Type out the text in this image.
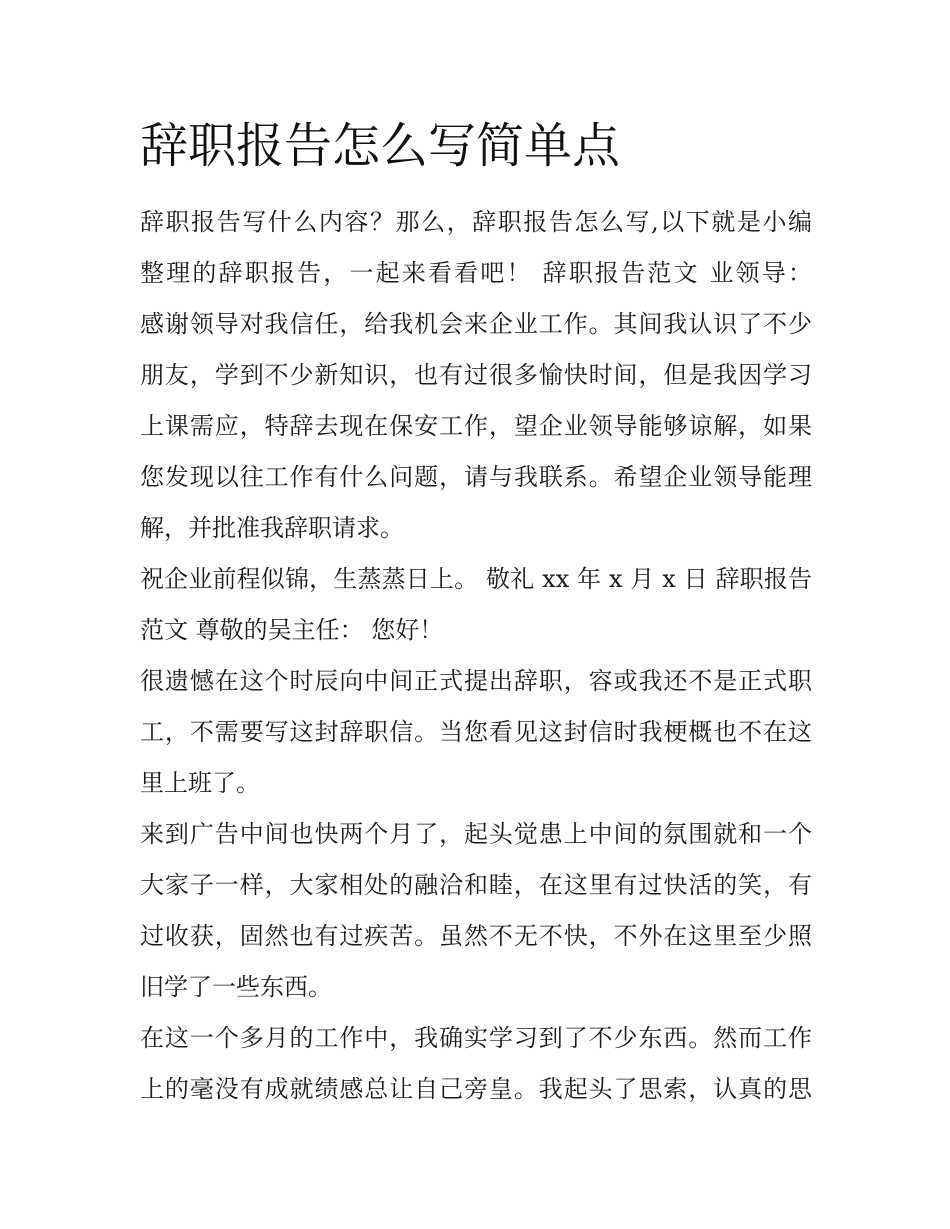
辞职报告怎么写简单点
辞职报告写什么内容？那么，辞职报告怎么写,以下就是小编
整理的辞职报告，一起来看看吧！ 辞职报告范文 业领导：
感谢领导对我信任，给我机会来企业工作。其间我认识了不少
朋友，学到不少新知识，也有过很多愉快时间，但是我因学习
上课需应，特辞去现在保安工作，望企业领导能够谅解，如果
您发现以往工作有什么问题，请与我联系。希望企业领导能理
解，并批准我辞职请求。
祝企业前程似锦，生蒸蒸日上。 敬礼 xx 年 x 月 x 日 辞职报告
范文 尊敬的吴主任： 您好！
很遗憾在这个时辰向中间正式提出辞职，容或我还不是正式职
工，不需要写这封辞职信。当您看见这封信时我梗概也不在这
里上班了。
来到广告中间也快两个月了，起头觉患上中间的氛围就和一个
大家子一样，大家相处的融洽和睦，在这里有过快活的笑，有
过收获，固然也有过疾苦。虽然不无不快，不外在这里至少照
旧学了一些东西。
在这一个多月的工作中，我确实学习到了不少东西。然而工作
上的毫没有成就绩感总让自己旁皇。我起头了思索，认真的思
